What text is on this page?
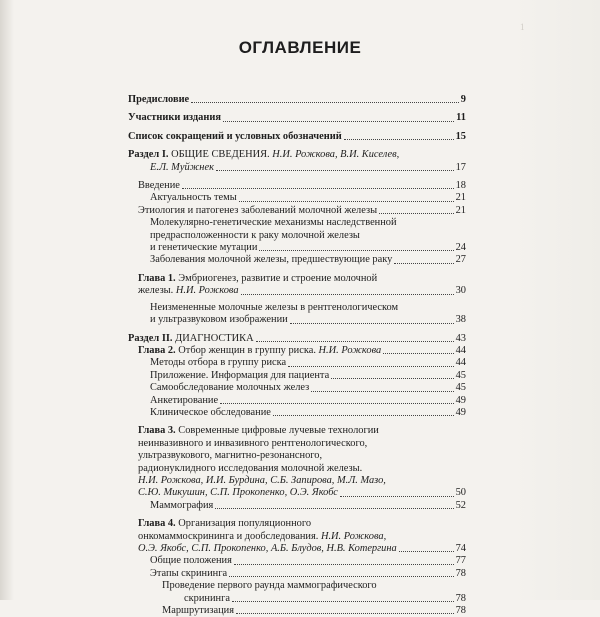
ОГЛАВЛЕНИЕ
Предисловие	9
Участники издания	11
Список сокращений и условных обозначений	15
Раздел I. ОБЩИЕ СВЕДЕНИЯ. Н.И. Рожкова, В.И. Киселев,
Е.Л. Муйжнек	17
Введение	18
Актуальность темы	21
Этиология и патогенез заболеваний молочной железы	21
Молекулярно-генетические механизмы наследственной
предрасположенности к раку молочной железы
и генетические мутации	24
Заболевания молочной железы, предшествующие раку	27
Глава 1. Эмбриогенез, развитие и строение молочной
железы. Н.И. Рожкова	30
Неизмененные молочные железы в рентгенологическом
и ультразвуковом изображении	38
Раздел II. ДИАГНОСТИКА	43
Глава 2. Отбор женщин в группу риска. Н.И. Рожкова	44
Методы отбора в группу риска	44
Приложение. Информация для пациента	45
Самообследование молочных желез	45
Анкетирование	49
Клиническое обследование	49
Глава 3. Современные цифровые лучевые технологии
неинвазивного и инвазивного рентгенологического,
ультразвукового, магнитно-резонансного,
радионуклидного исследования молочной железы.
Н.И. Рожкова, И.И. Бурдина, С.Б. Запирова, М.Л. Мазо,
С.Ю. Микушин, С.П. Прокопенко, О.Э. Якобс	50
Маммография	52
Глава 4. Организация популяционного
онкомаммоскрининга и дообследования. Н.И. Рожкова,
О.Э. Якобс, С.П. Прокопенко, А.Б. Блудов, Н.В. Котергина	74
Общие положения	77
Этапы скрининга	78
Проведение первого раунда маммографического
скрининга	78
Маршрутизация	78
1
